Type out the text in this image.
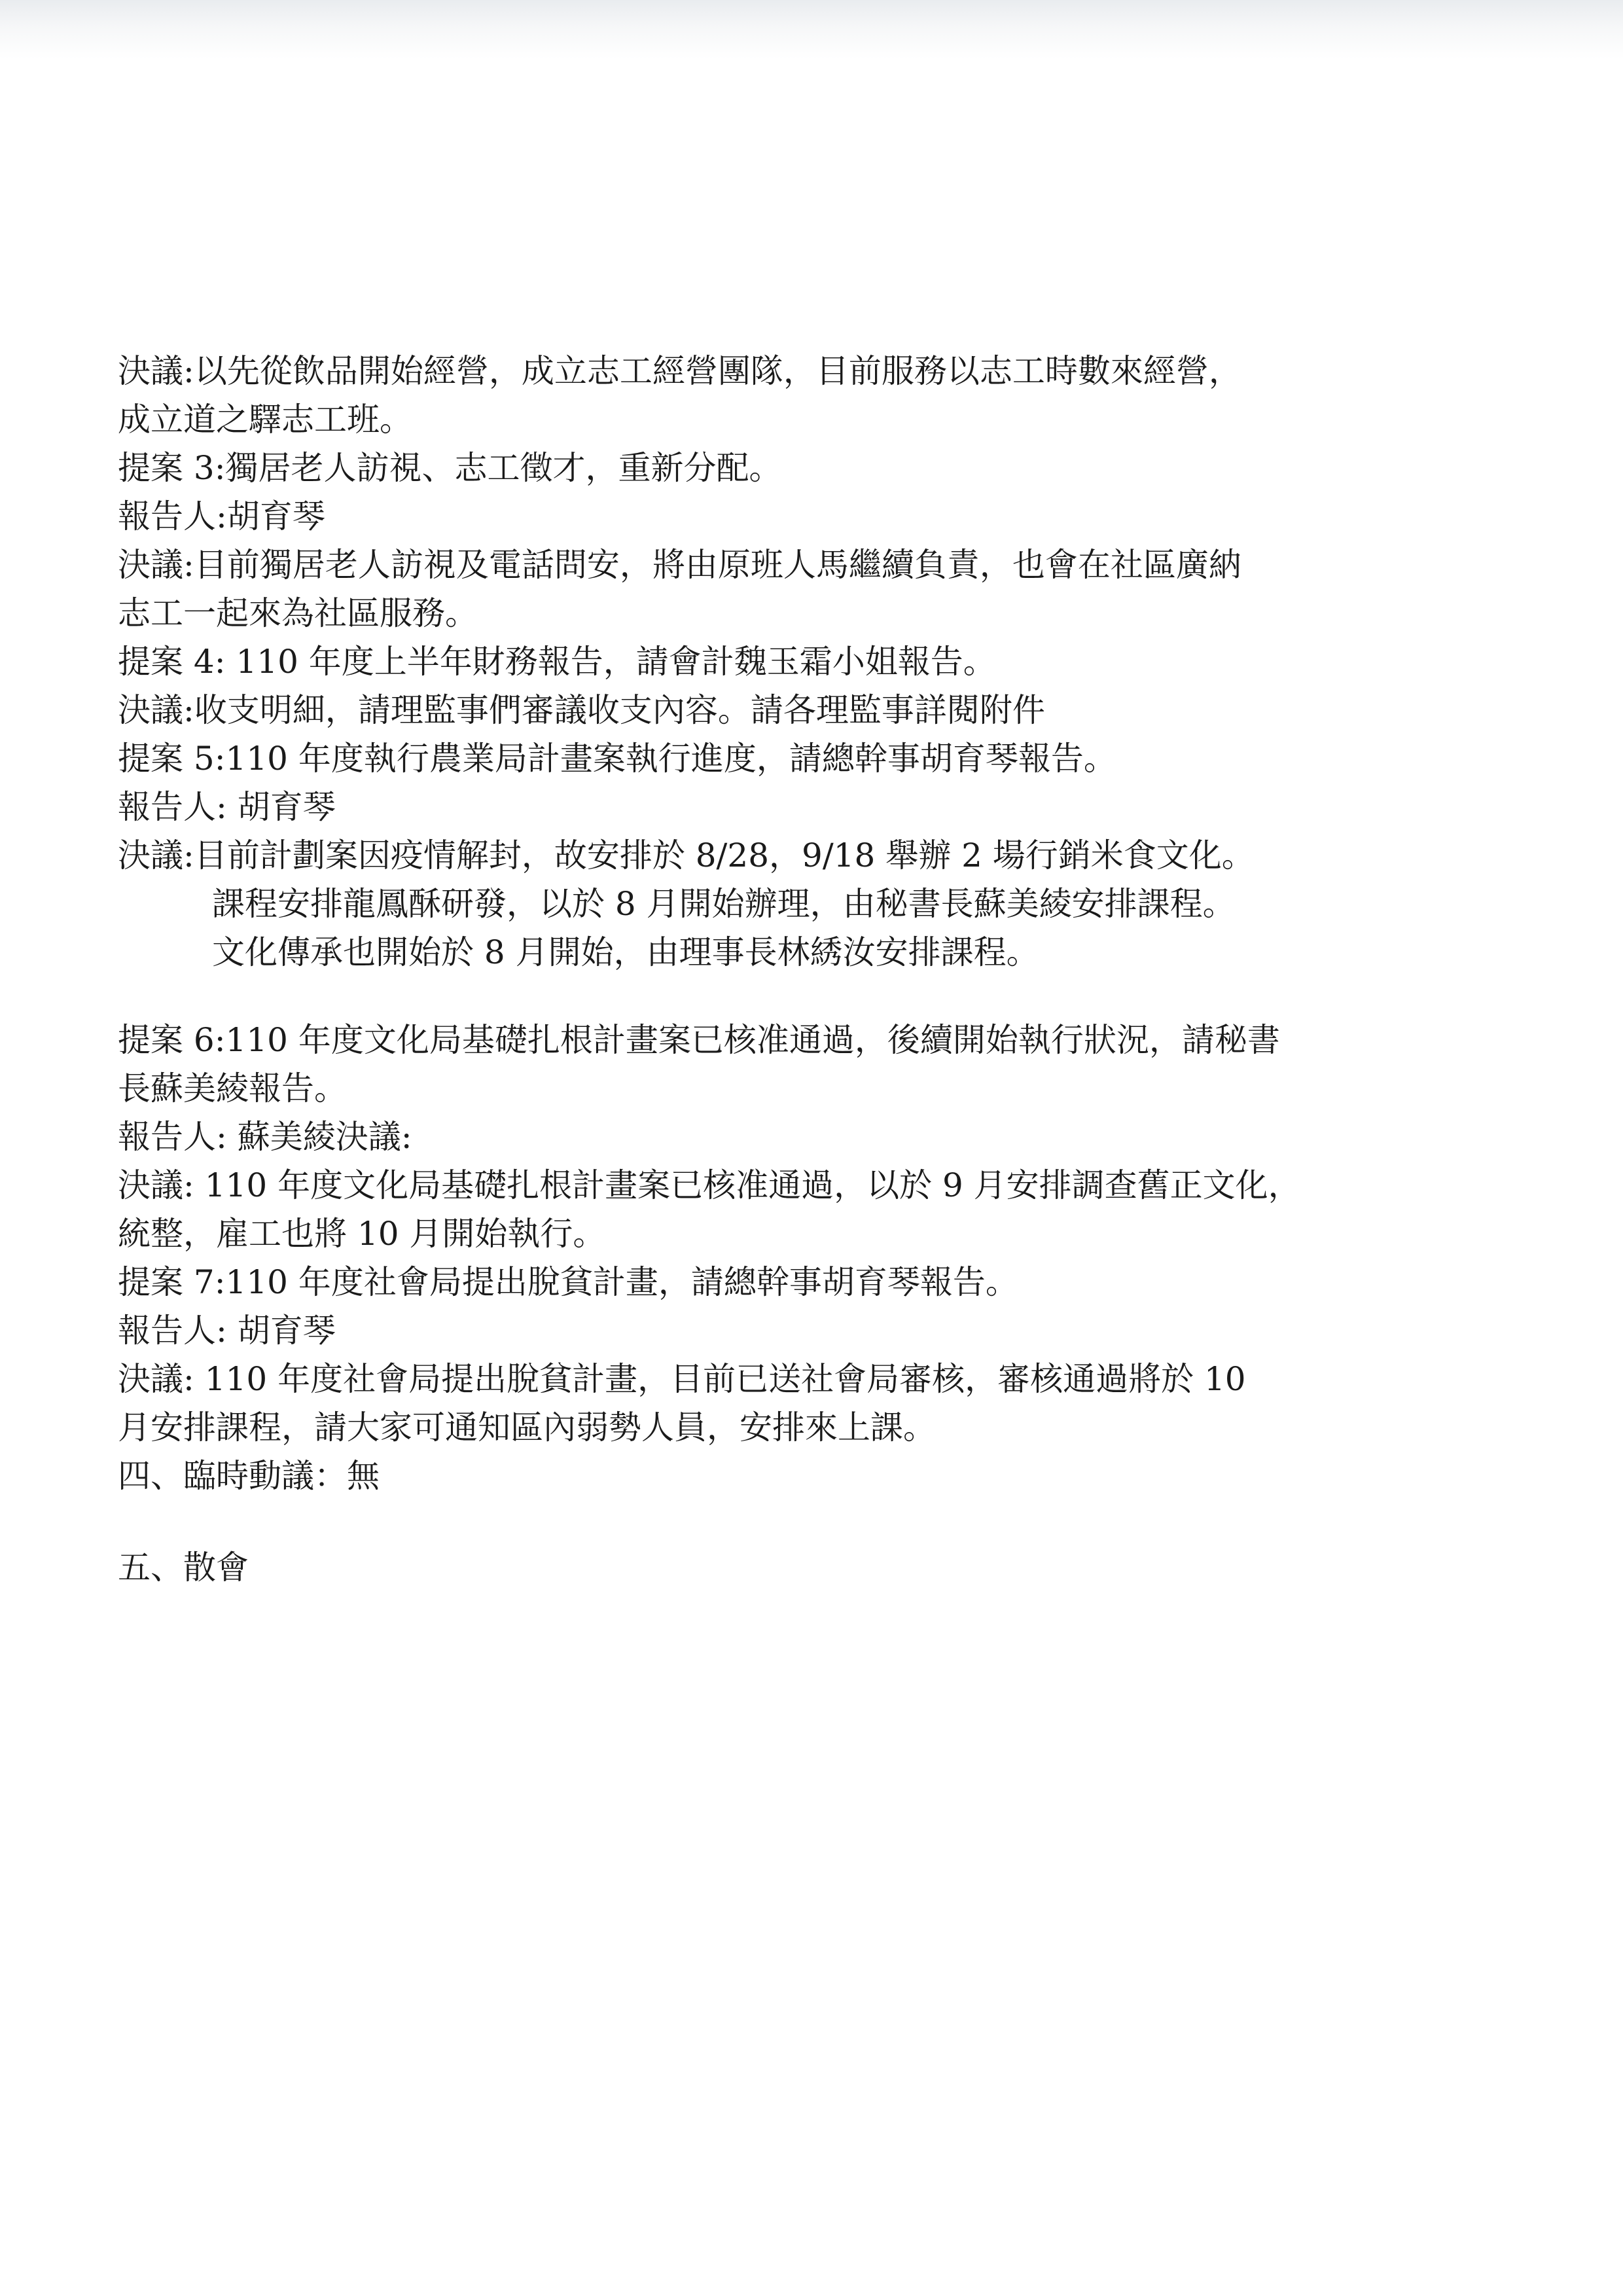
決議:以先從飲品開始經營，成立志工經營團隊，目前服務以志工時數來經營，
成立道之驛志工班。
提案 3:獨居老人訪視、志工徵才，重新分配。
報告人:胡育琴
決議:目前獨居老人訪視及電話問安，將由原班人馬繼續負責，也會在社區廣納
志工一起來為社區服務。
提案 4: 110 年度上半年財務報告，請會計魏玉霜小姐報告。
決議:收支明細，請理監事們審議收支內容。請各理監事詳閱附件
提案 5:110 年度執行農業局計畫案執行進度，請總幹事胡育琴報告。
報告人: 胡育琴
決議:目前計劃案因疫情解封，故安排於 8/28，9/18 舉辦 2 場行銷米食文化。
課程安排龍鳳酥研發，以於 8 月開始辦理，由秘書長蘇美綾安排課程。
文化傳承也開始於 8 月開始，由理事長林綉汝安排課程。
提案 6:110 年度文化局基礎扎根計畫案已核准通過，後續開始執行狀況，請秘書
長蘇美綾報告。
報告人: 蘇美綾決議:
決議: 110 年度文化局基礎扎根計畫案已核准通過，以於 9 月安排調查舊正文化，
統整，雇工也將 10 月開始執行。
提案 7:110 年度社會局提出脫貧計畫，請總幹事胡育琴報告。
報告人: 胡育琴
決議: 110 年度社會局提出脫貧計畫，目前已送社會局審核，審核通過將於 10
月安排課程，請大家可通知區內弱勢人員，安排來上課。
四、臨時動議：無
五、散會
